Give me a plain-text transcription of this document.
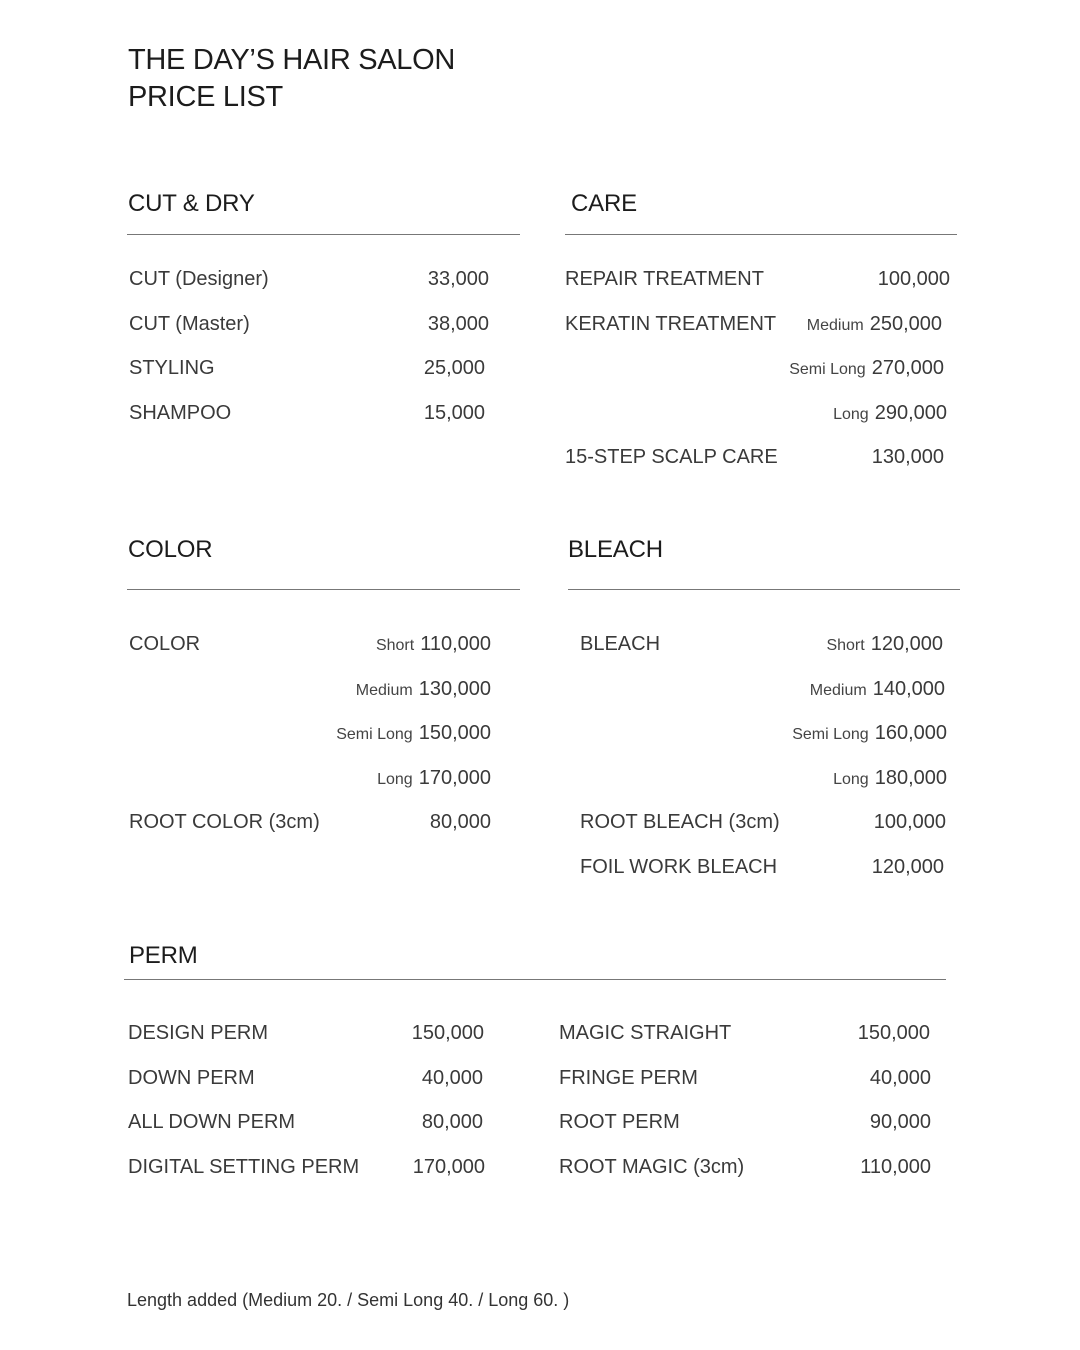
THE DAY’S HAIR SALON
PRICE LIST
CUT & DRY
CUT (Designer)	33,000
CUT (Master)	38,000
STYLING	25,000
SHAMPOO	15,000
CARE
REPAIR TREATMENT	100,000
KERATIN TREATMENT Medium 250,000
Semi Long 270,000
Long 290,000
15-STEP SCALP CARE	130,000
COLOR
COLOR	Short 110,000
Medium 130,000
Semi Long 150,000
Long 170,000
ROOT COLOR (3cm)	80,000
BLEACH
BLEACH	Short 120,000
Medium 140,000
Semi Long 160,000
Long 180,000
ROOT BLEACH (3cm)	100,000
FOIL WORK BLEACH	120,000
PERM
DESIGN PERM	150,000
DOWN PERM	40,000
ALL DOWN PERM	80,000
DIGITAL SETTING PERM	170,000
MAGIC STRAIGHT	150,000
FRINGE PERM	40,000
ROOT PERM	90,000
ROOT MAGIC (3cm)	110,000
Length added (Medium 20. / Semi Long 40. / Long 60. )
